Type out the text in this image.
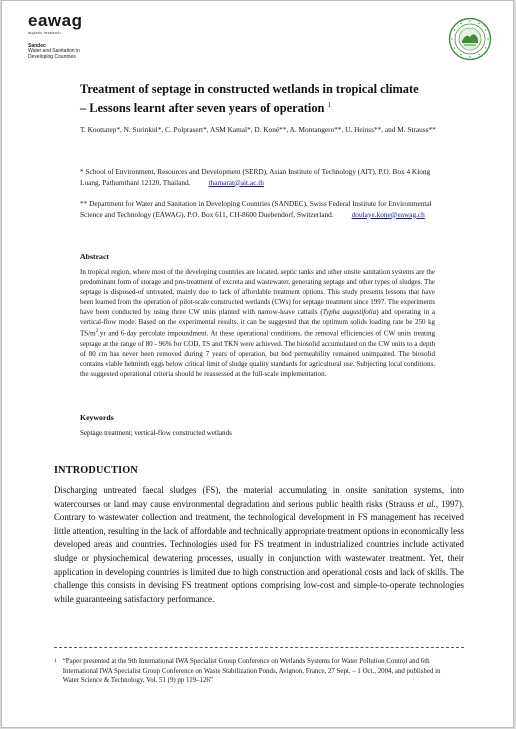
eawag
aquatic research
Sandec
Water and Sanitation in
Developing Countries
Treatment of septage in constructed wetlands in tropical climate – Lessons learnt after seven years of operation $^1$
T. Koottatep*, N. Surinkul*, C. Polprasert*, ASM Kamal*, D. Koné**, A. Montangero**, U. Heinss**, and M. Strauss**
* School of Environment, Resources and Development (SERD), Asian Institute of Technology (AIT), P.O. Box 4 Klong Luang, Pathumthani 12120, Thailand. thamarat@ait.ac.th
** Department for Water and Sanitation in Developing Countries (SANDEC), Swiss Federal Institute for Environmental Science and Technology (EAWAG), P.O. Box 611, CH-8600 Duebendorf, Switzerland. doulaye.kone@eawag.ch
Abstract
In tropical region, where most of the developing countries are located, septic tanks and other onsite sanitation systems are the predominant form of storage and pre-treatment of excreta and wastewater, generating septage and other types of sludges. The septage is disposed-of untreated, mainly due to lack of affordable treatment options. This study presents lessons that have been learned from the operation of pilot-scale constructed wetlands (CWs) for septage treatment since 1997. The experiments have been conducted by using three CW units planted with narrow-leave cattails (Typha augustifolia) and operating in a vertical-flow mode. Based on the experimental results, it can be suggested that the optimum solids loading rate be 250 kg $TS/m^2.yr$ and 6-day percolate impoundment. At these operational conditions, the removal efficiencies of CW units treating septage at the range of 80 - 96% for COD, TS and TKN were achieved. The biosolid accumulated on the CW units to a depth of 80 cm has never been removed during 7 years of operation, but bed permeability remained unimpaired. The biosolid contains viable helminth eggs below critical limit of sludge quality standards for agricultural use. Subjecting local conditions, the suggested operational criteria should be reassessed at the full-scale implementation.
Keywords
Septage treatment; vertical-flow constructed wetlands
INTRODUCTION
Discharging untreated faecal sludges (FS), the material accumulating in onsite sanitation systems, into watercourses or land may cause environmental degradation and serious public health risks (Strauss et al., 1997). Contrary to wastewater collection and treatment, the technological development in FS management has received little attention, resulting in the lack of affordable and technically appropriate treatment options in economically less developed areas and countries. Technologies used for FS treatment in industrialized countries include activated sludge or physiochemical dewatering processes, usually in conjunction with wastewater treatment. Yet, their application in developing countries is limited due to high construction and operational costs and lack of skills. The challenge this consists in devising FS treatment options comprising low-cost and simple-to-operate technologies while guaranteeing satisfactory performance.
$^1$ “Paper presented at the 9th International IWA Specialist Group Conference on Wetlands Systems for Water Pollution Control and 6th International IWA Specialist Group Conference on Waste Stabilization Ponds, Avignon, France, 27 Sept. – 1 Oct., 2004, and published in Water Science & Technology, Vol. 51 (9) pp 119–126”
